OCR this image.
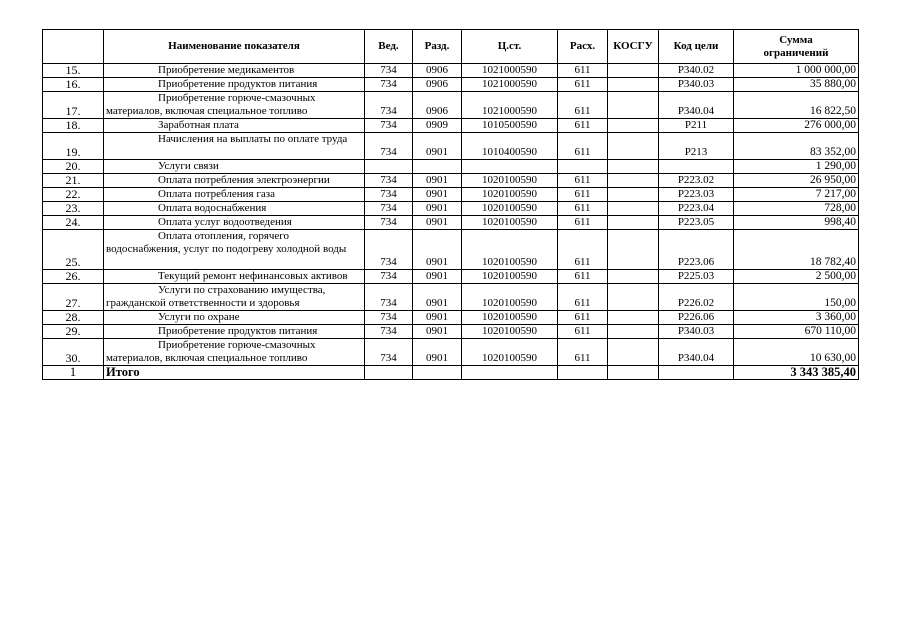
	Наименование показателя	Вед.	Разд.	Ц.ст.	Расх.	КОСГУ	Код цели	Сумма
ограничений

15.	Приобретение медикаментов	734	0906	1021000590	611		Р340.02	1 000 000,00
16.	Приобретение продуктов питания	734	0906	1021000590	611		Р340.03	35 880,00
17.	Приобретение горюче-смазочных
материалов, включая специальное топливо	734	0906	1021000590	611		Р340.04	16 822,50
18.	Заработная плата	734	0909	1010500590	611		Р211	276 000,00
19.	Начисления на выплаты по оплате труда	734	0901	1010400590	611		Р213	83 352,00
20.	Услуги связи							1 290,00
21.	Оплата потребления электроэнергии	734	0901	1020100590	611		Р223.02	26 950,00
22.	Оплата потребления газа	734	0901	1020100590	611		Р223.03	7 217,00
23.	Оплата водоснабжения	734	0901	1020100590	611		Р223.04	728,00
24.	Оплата услуг водоотведения	734	0901	1020100590	611		Р223.05	998,40
25.	Оплата отопления, горячего
водоснабжения, услуг по подогреву холодной воды	734	0901	1020100590	611		Р223.06	18 782,40
26.	Текущий ремонт нефинансовых активов	734	0901	1020100590	611		Р225.03	2 500,00
27.	Услуги по страхованию имущества,
гражданской ответственности и здоровья	734	0901	1020100590	611		Р226.02	150,00
28.	Услуги по охране	734	0901	1020100590	611		Р226.06	3 360,00
29.	Приобретение продуктов питания	734	0901	1020100590	611		Р340.03	670 110,00
30.	Приобретение горюче-смазочных
материалов, включая специальное топливо	734	0901	1020100590	611		Р340.04	10 630,00
1	Итого							3 343 385,40
